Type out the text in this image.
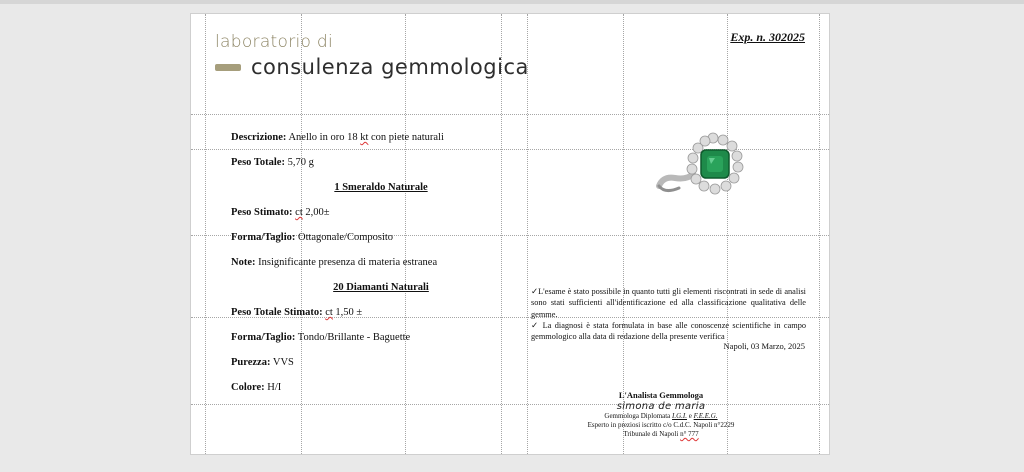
laboratorio di
consulenza gemmologica
Exp. n. 302025
Descrizione: Anello in oro 18 kt con piete naturali
Peso Totale: 5,70 g
1 Smeraldo Naturale
Peso Stimato: ct 2,00±
Forma/Taglio: Ottagonale/Composito
Note: Insignificante presenza di materia estranea
20 Diamanti Naturali
Peso Totale Stimato: ct 1,50 ±
Forma/Taglio: Tondo/Brillante - Baguette
Purezza: VVS
Colore: H/I

✓L'esame è stato possibile in quanto tutti gli elementi riscontrati in sede di analisi sono stati sufficienti all'identificazione ed alla classificazione qualitativa delle gemme.

✓ La diagnosi è stata formulata in base alle conoscenze scientifiche in campo gemmologico alla data di redazione della presente verifica

Napoli, 03 Marzo, 2025
L'Analista Gemmologa
simona de maria
Gemmologa Diplomata I.G.I. e F.E.E.G.
Esperto in preziosi iscritto c/o C.d.C. Napoli n°2229
Tribunale di Napoli n° 777
